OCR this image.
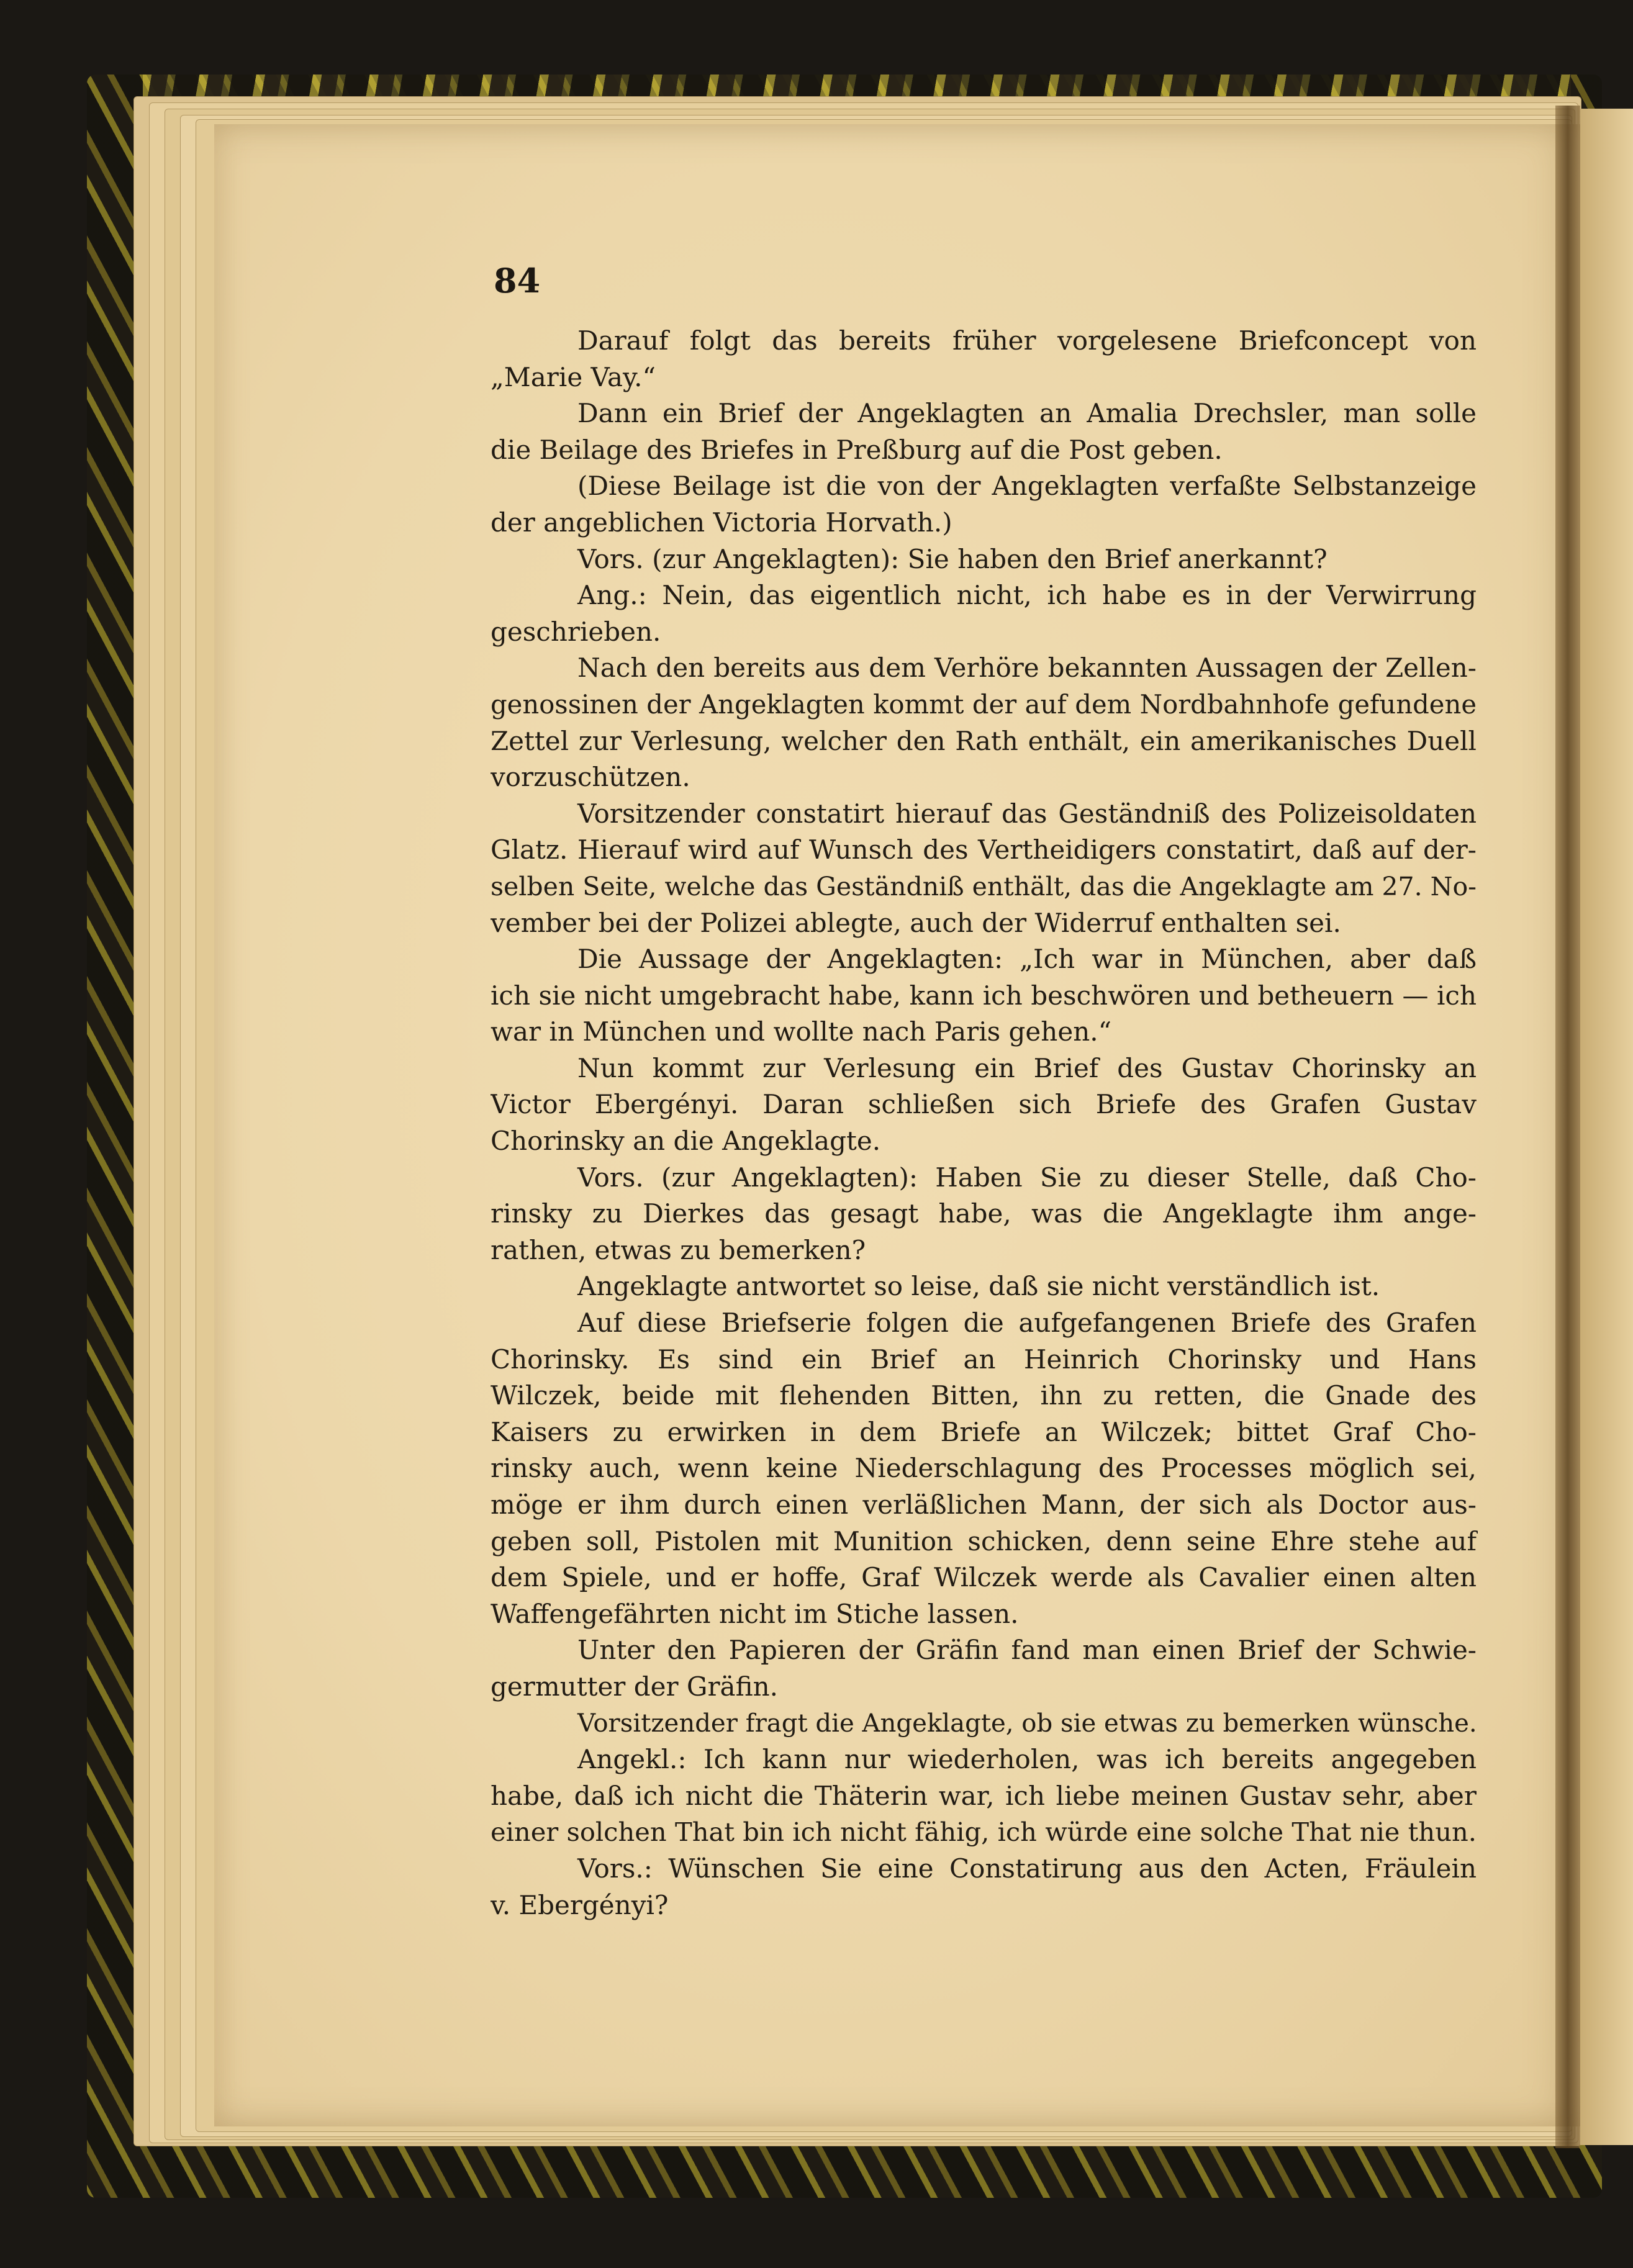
84
Darauf folgt das bereits früher vorgelesene Briefconcept von
„Marie Vay.“
Dann ein Brief der Angeklagten an Amalia Drechsler, man solle
die Beilage des Briefes in Preßburg auf die Post geben.
(Diese Beilage ist die von der Angeklagten verfaßte Selbstanzeige
der angeblichen Victoria Horvath.)
Vors. (zur Angeklagten): Sie haben den Brief anerkannt?
Ang.: Nein, das eigentlich nicht, ich habe es in der Verwirrung
geschrieben.
Nach den bereits aus dem Verhöre bekannten Aussagen der Zellen-
genossinen der Angeklagten kommt der auf dem Nordbahnhofe gefundene
Zettel zur Verlesung, welcher den Rath enthält, ein amerikanisches Duell
vorzuschützen.
Vorsitzender constatirt hierauf das Geständniß des Polizeisoldaten
Glatz. Hierauf wird auf Wunsch des Vertheidigers constatirt, daß auf der-
selben Seite, welche das Geständniß enthält, das die Angeklagte am 27. No-
vember bei der Polizei ablegte, auch der Widerruf enthalten sei.
Die Aussage der Angeklagten: „Ich war in München, aber daß
ich sie nicht umgebracht habe, kann ich beschwören und betheuern — ich
war in München und wollte nach Paris gehen.“
Nun kommt zur Verlesung ein Brief des Gustav Chorinsky an
Victor Ebergényi. Daran schließen sich Briefe des Grafen Gustav
Chorinsky an die Angeklagte.
Vors. (zur Angeklagten): Haben Sie zu dieser Stelle, daß Cho-
rinsky zu Dierkes das gesagt habe, was die Angeklagte ihm ange-
rathen, etwas zu bemerken?
Angeklagte antwortet so leise, daß sie nicht verständlich ist.
Auf diese Briefserie folgen die aufgefangenen Briefe des Grafen
Chorinsky. Es sind ein Brief an Heinrich Chorinsky und Hans
Wilczek, beide mit flehenden Bitten, ihn zu retten, die Gnade des
Kaisers zu erwirken in dem Briefe an Wilczek; bittet Graf Cho-
rinsky auch, wenn keine Niederschlagung des Processes möglich sei,
möge er ihm durch einen verläßlichen Mann, der sich als Doctor aus-
geben soll, Pistolen mit Munition schicken, denn seine Ehre stehe auf
dem Spiele, und er hoffe, Graf Wilczek werde als Cavalier einen alten
Waffengefährten nicht im Stiche lassen.
Unter den Papieren der Gräfin fand man einen Brief der Schwie-
germutter der Gräfin.
Vorsitzender fragt die Angeklagte, ob sie etwas zu bemerken wünsche.
Angekl.: Ich kann nur wiederholen, was ich bereits angegeben
habe, daß ich nicht die Thäterin war, ich liebe meinen Gustav sehr, aber
einer solchen That bin ich nicht fähig, ich würde eine solche That nie thun.
Vors.: Wünschen Sie eine Constatirung aus den Acten, Fräulein
v. Ebergényi?
